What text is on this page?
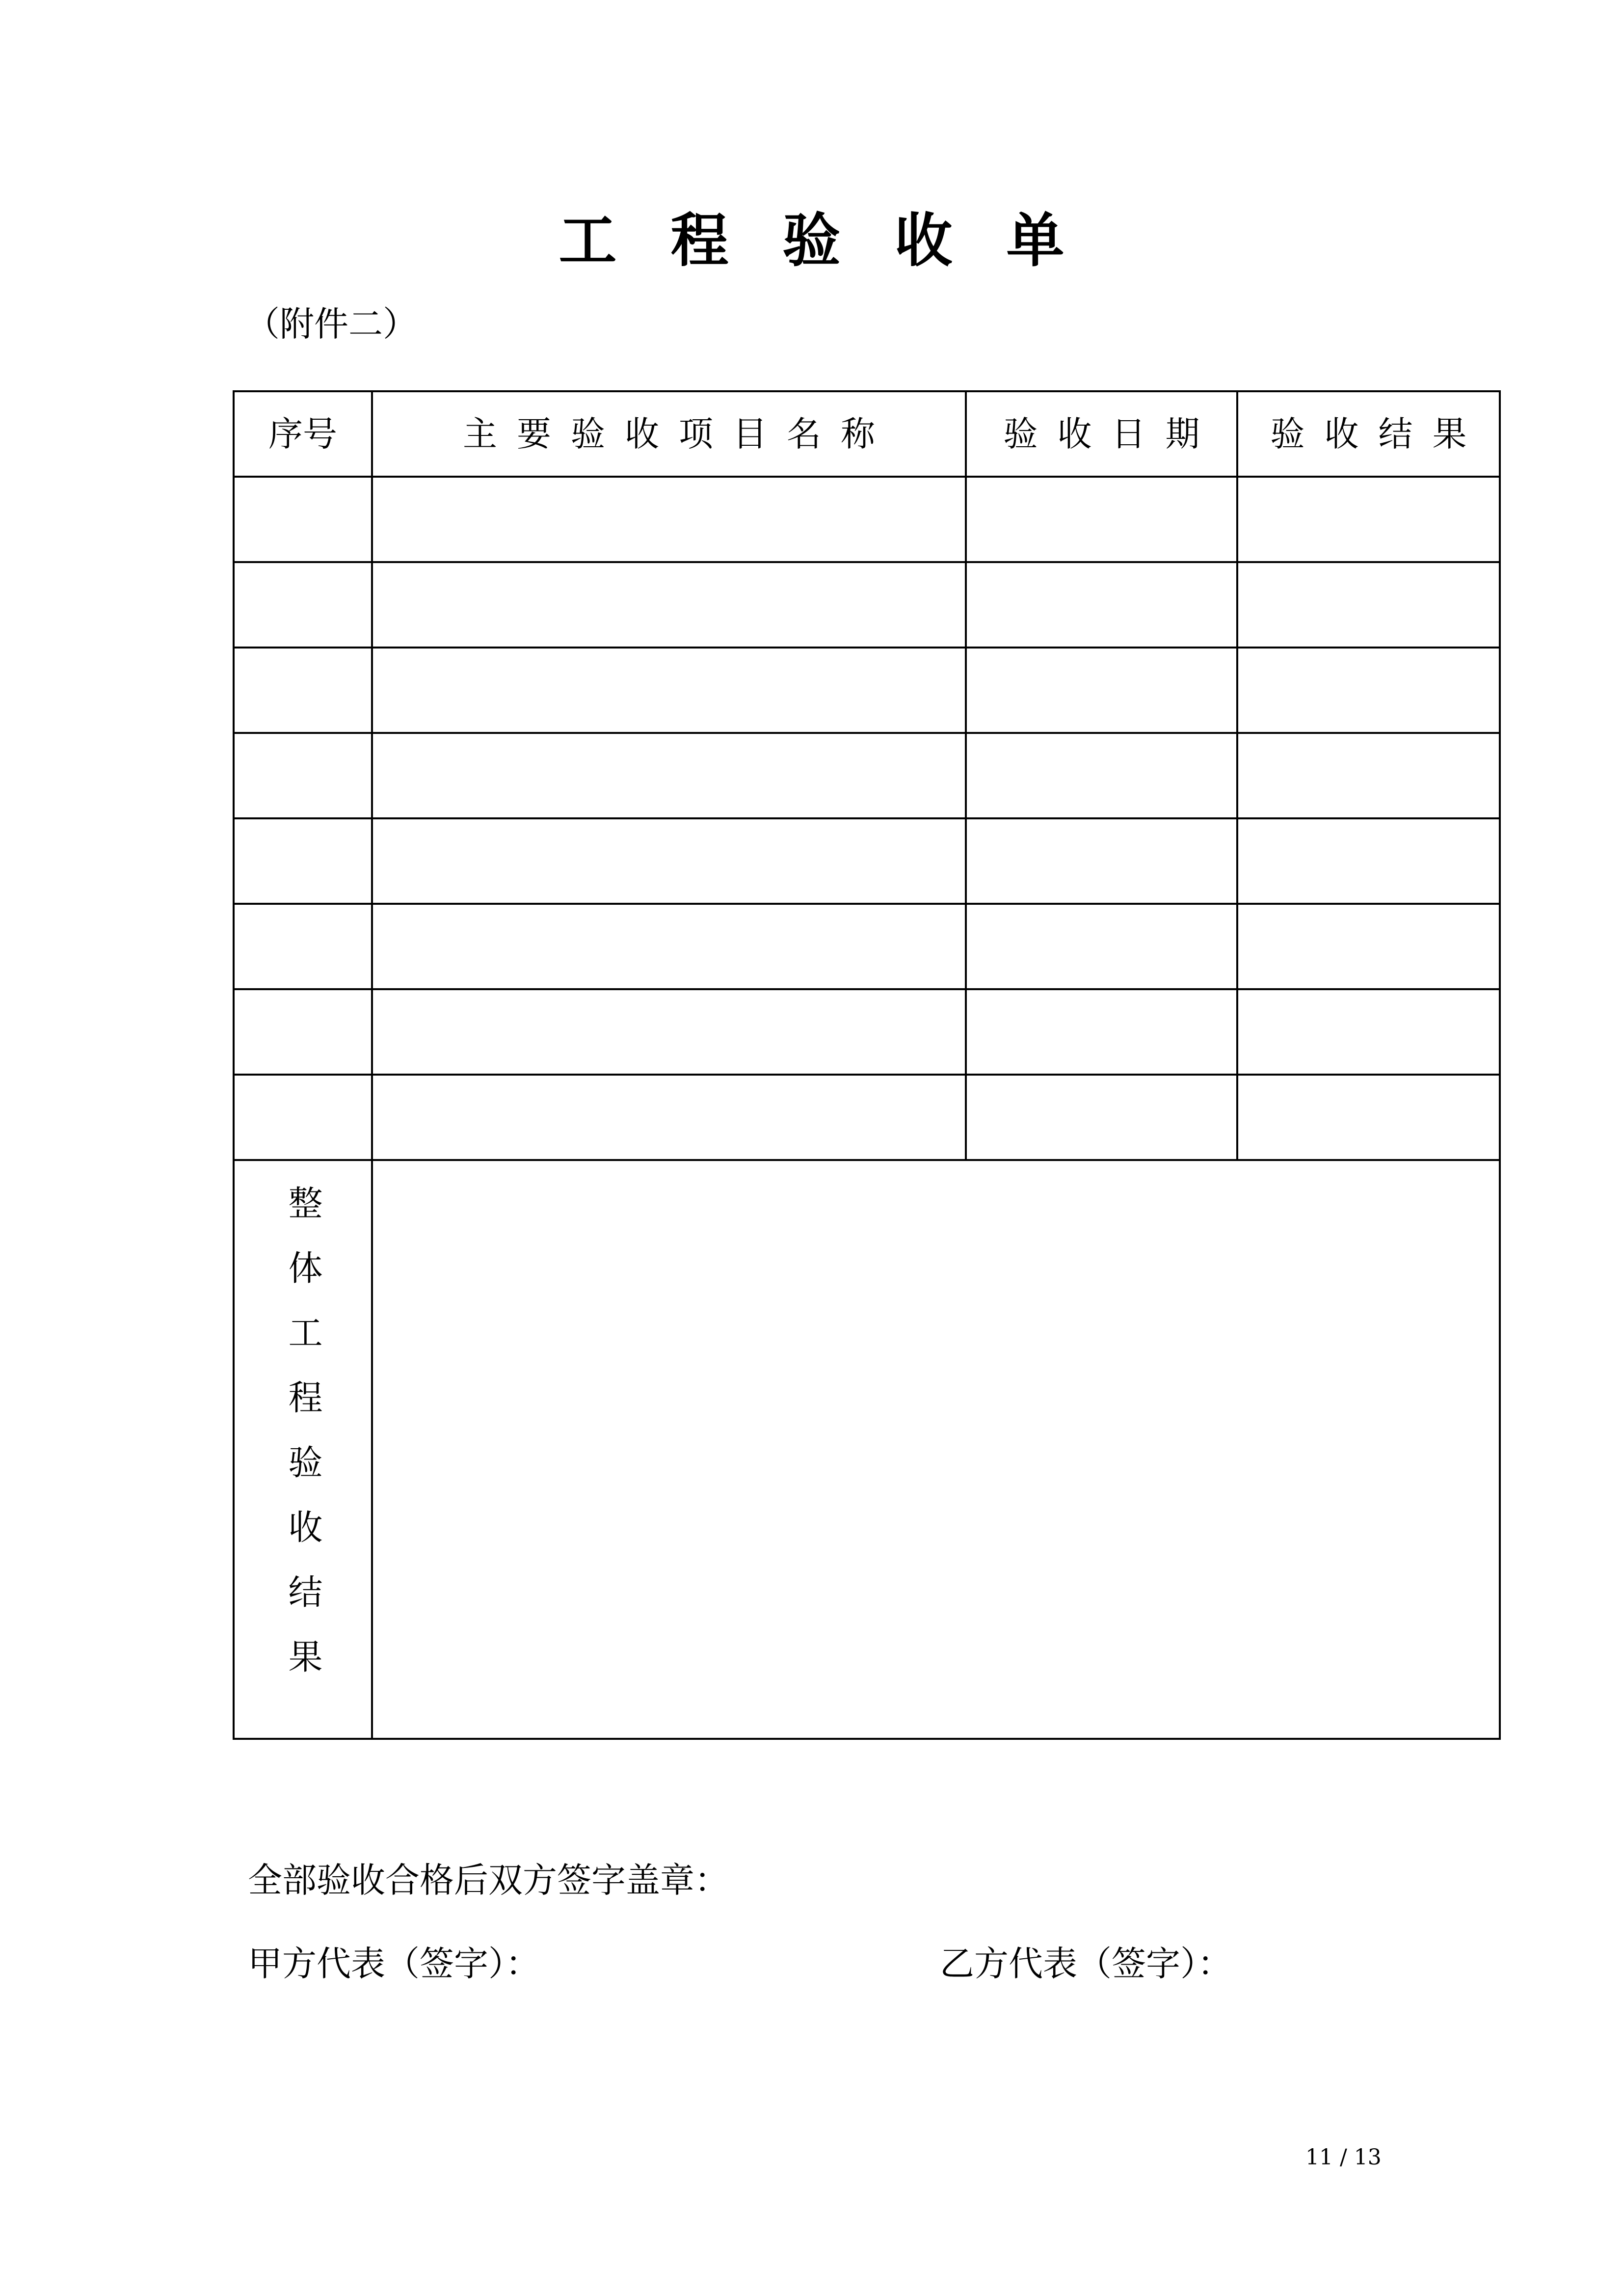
工程验收单
（附件二）
序号	主要验收项目名称	验收日期	验收结果

整体工程验收结果			
全部验收合格后双方签字盖章：
甲方代表（签字）：	乙方代表（签字）：
11 / 13
